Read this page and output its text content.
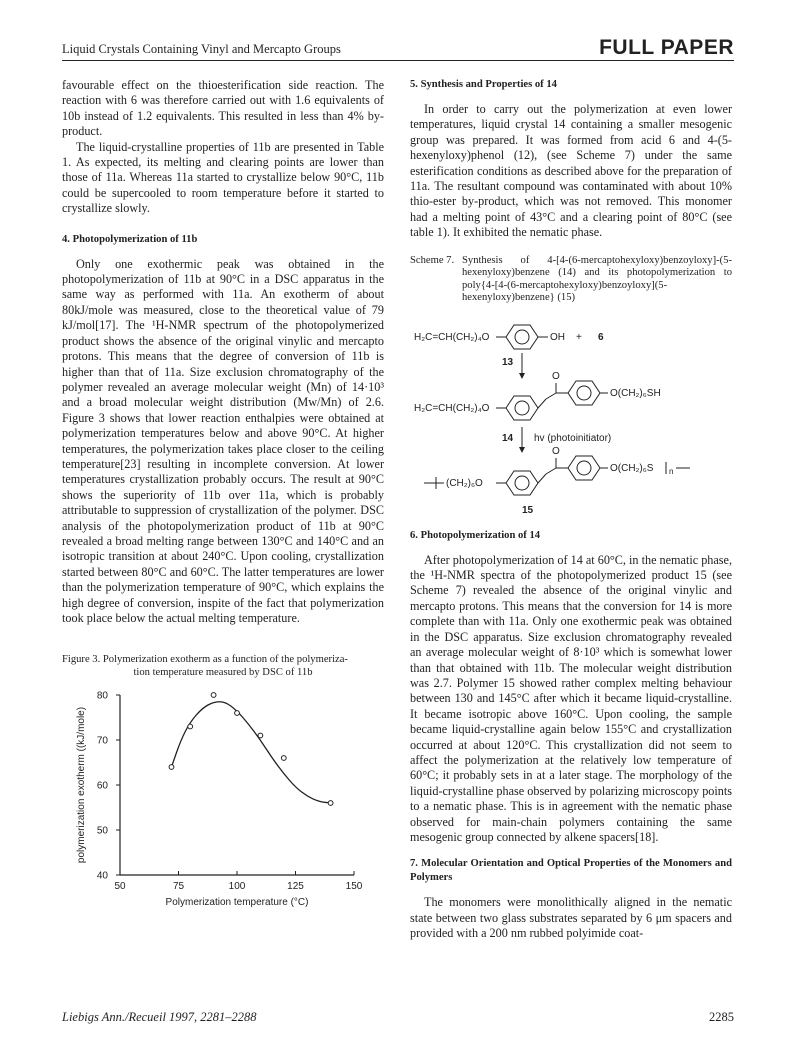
Liquid Crystals Containing Vinyl and Mercapto Groups	FULL PAPER

favourable effect on the thioesterification side reaction. The reaction with 6 was therefore carried out with 1.6 equivalents of 10b instead of 1.2 equivalents. This resulted in less than 4% by-product.

The liquid-crystalline properties of 11b are presented in Table 1. As expected, its melting and clearing points are lower than those of 11a. Whereas 11a started to crystallize below 90°C, 11b could be supercooled to room temperature before it started to crystallize slowly.

4. Photopolymerization of 11b

Only one exothermic peak was obtained in the photopolymerization of 11b at 90°C in a DSC apparatus in the same way as performed with 11a. An exotherm of about 80kJ/mole was measured, close to the theoretical value of 79 kJ/mol[17]. The ¹H-NMR spectrum of the photopolymerized product shows the absence of the original vinylic and mercapto protons. This means that the degree of conversion of 11b is higher than that of 11a. Size exclusion chromatography of the polymer revealed an average molecular weight (Mn) of 14·10³ and a broad molecular weight distribution (Mw/Mn) of 2.6. Figure 3 shows that lower reaction enthalpies were obtained at polymerization temperatures below and above 90°C. At higher temperatures, the polymerization takes place closer to the ceiling temperature[23] resulting in incomplete conversion. At lower temperatures crystallization probably occurs. The result at 90°C shows the superiority of 11b over 11a, which is probably attributable to suppression of crystallization of the polymer. DSC analysis of the photopolymerization product of 11b at 90°C revealed a broad melting range between 130°C and 140°C and an isotropic transition at about 240°C. Upon cooling, crystallization started between 80°C and 60°C. The latter temperatures are lower than the polymerization temperature of 90°C, which explains the high degree of conversion, inspite of the fact that polymerization took place below the actual melting temperature.

Figure 3. Polymerization exotherm as a function of the polymeriza-
tion temperature measured by DSC of 11b
40
50
60
70
80
50	75	100	125	150
polymerization exotherm ((kJ/mole)
Polymerization temperature (°C)
5. Synthesis and Properties of 14

In order to carry out the polymerization at even lower temperatures, liquid crystal 14 containing a smaller mesogenic group was prepared. It was formed from acid 6 and 4-(5-hexenyloxy)phenol (12), (see Scheme 7) under the same esterification conditions as described above for the preparation of 11a. The resultant compound was contaminated with about 10% thio-ester by-product, which was not removed. This monomer had a melting point of 43°C and a clearing point of 80°C (see table 1). It exhibited the nematic phase.

Scheme 7. Synthesis of 4-[4-(6-mercaptohexyloxy)benzoyloxy]-(5-hexenyloxy)benzene (14) and its photopolymerization to poly{4-[4-(6-mercaptohexyloxy)benzoyloxy](5-hexenyloxy)benzene} (15)
H₂C=CH(CH₂)₄O	OH + 6
13
H₂C=CH(CH₂)₄O
O
O(CH₂)₆SH
14 hv (photoinitiator)
(CH₂)₆O
O
O(CH₂)₆S n
15
6. Photopolymerization of 14

After photopolymerization of 14 at 60°C, in the nematic phase, the ¹H-NMR spectra of the photopolymerized product 15 (see Scheme 7) revealed the absence of the original vinylic and mercapto protons. This means that the conversion for 14 is more complete than with 11a. Only one exothermic peak was obtained in the DSC apparatus. Size exclusion chromatography revealed an average molecular weight of 8·10³ which is somewhat lower than that obtained with 11b. The molecular weight distribution was 2.7. Polymer 15 showed rather complex melting behaviour between 130 and 145°C after which it became liquid-crystalline. It became isotropic above 160°C. Upon cooling, the sample became liquid-crystalline again below 155°C and crystallization occurred at about 120°C. This crystallization did not seem to affect the polymerization at the relatively low temperature of 60°C; it probably sets in at a later stage. The morphology of the liquid-crystalline phase observed by polarizing microscopy points to a nematic phase. This is in agreement with the nematic phase observed for main-chain polymers containing the same mesogenic group connected by alkene spacers[18].

7. Molecular Orientation and Optical Properties of the Monomers and Polymers

The monomers were monolithically aligned in the nematic state between two glass substrates separated by 6 μm spacers and provided with a 200 nm rubbed polyimide coat-

Liebigs Ann./Recueil 1997, 2281–2288	2285
